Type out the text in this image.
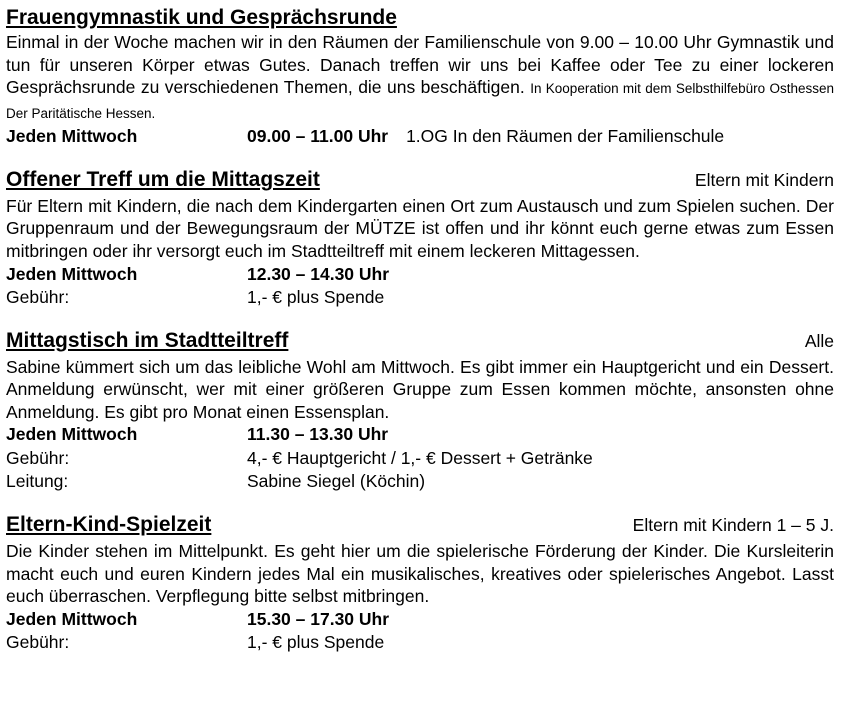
Frauengymnastik und Gesprächsrunde

Einmal in der Woche machen wir in den Räumen der Familienschule von 9.00 – 10.00 Uhr Gymnastik und tun für unseren Körper etwas Gutes. Danach treffen wir uns bei Kaffee oder Tee zu einer lockeren Gesprächsrunde zu verschiedenen Themen, die uns beschäftigen. In Kooperation mit dem Selbsthilfebüro Osthessen Der Paritätische Hessen.

Jeden Mittwoch	09.00 – 11.00 Uhr 1.OG In den Räumen der Familienschule
Offener Treff um die Mittagszeit	Eltern mit Kindern

Für Eltern mit Kindern, die nach dem Kindergarten einen Ort zum Austausch und zum Spielen suchen. Der Gruppenraum und der Bewegungsraum der MÜTZE ist offen und ihr könnt euch gerne etwas zum Essen mitbringen oder ihr versorgt euch im Stadtteiltreff mit einem leckeren Mittagessen.

Jeden Mittwoch	12.30 – 14.30 Uhr
Gebühr:	1,- € plus Spende
Mittagstisch im Stadtteiltreff	Alle

Sabine kümmert sich um das leibliche Wohl am Mittwoch. Es gibt immer ein Hauptgericht und ein Dessert. Anmeldung erwünscht, wer mit einer größeren Gruppe zum Essen kommen möchte, ansonsten ohne Anmeldung. Es gibt pro Monat einen Essensplan.

Jeden Mittwoch	11.30 – 13.30 Uhr
Gebühr:	4,- € Hauptgericht / 1,- € Dessert + Getränke
Leitung:	Sabine Siegel (Köchin)
Eltern-Kind-Spielzeit	Eltern mit Kindern 1 – 5 J.

Die Kinder stehen im Mittelpunkt. Es geht hier um die spielerische Förderung der Kinder. Die Kursleiterin macht euch und euren Kindern jedes Mal ein musikalisches, kreatives oder spielerisches Angebot. Lasst euch überraschen. Verpflegung bitte selbst mitbringen.

Jeden Mittwoch	15.30 – 17.30 Uhr
Gebühr:	1,- € plus Spende
